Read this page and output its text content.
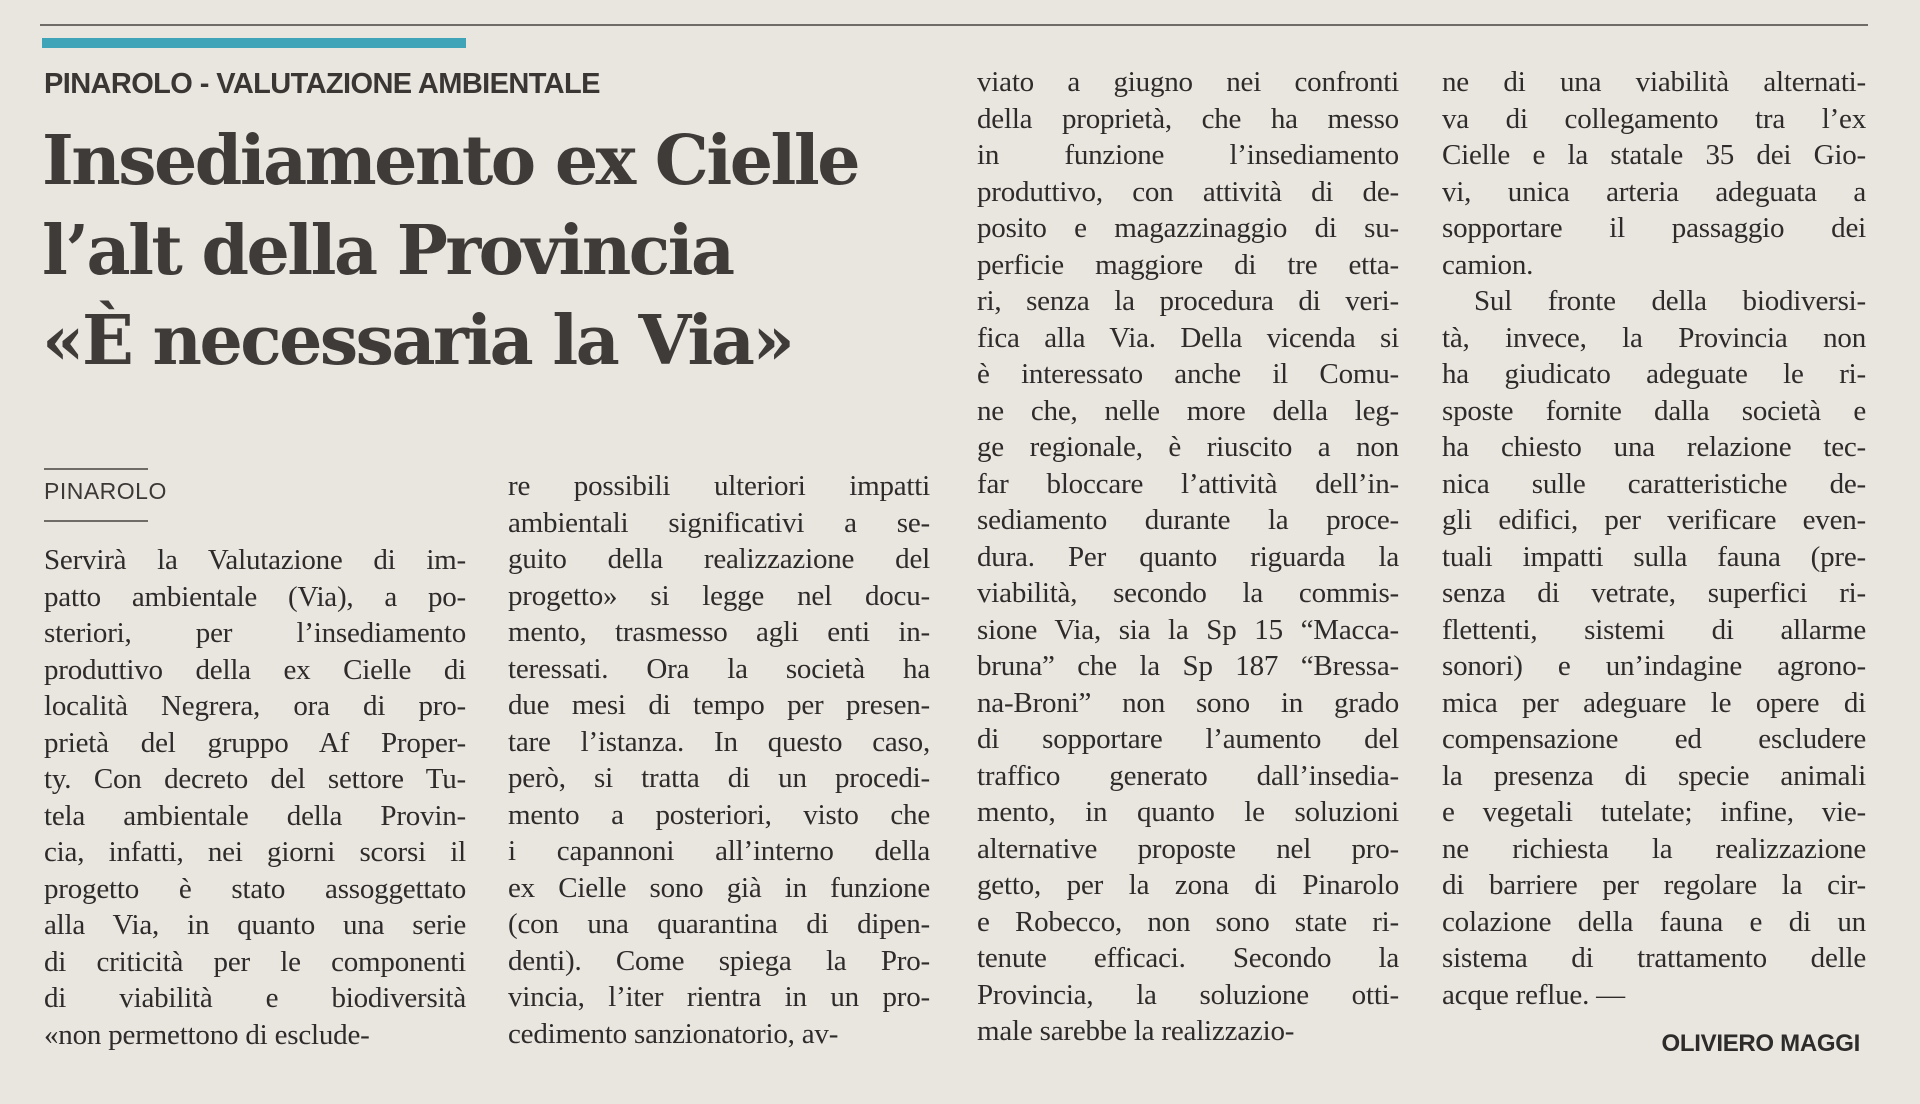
PINAROLO - VALUTAZIONE AMBIENTALE
Insediamento ex Cielle
l’alt della Provincia
«È necessaria la Via»
PINAROLO
Servirà la Valutazione di im-
patto ambientale (Via), a po-
steriori, per l’insediamento
produttivo della ex Cielle di
località Negrera, ora di pro-
prietà del gruppo Af Proper-
ty. Con decreto del settore Tu-
tela ambientale della Provin-
cia, infatti, nei giorni scorsi il
progetto è stato assoggettato
alla Via, in quanto una serie
di criticità per le componenti
di viabilità e biodiversità
«non permettono di esclude-
re possibili ulteriori impatti
ambientali significativi a se-
guito della realizzazione del
progetto» si legge nel docu-
mento, trasmesso agli enti in-
teressati. Ora la società ha
due mesi di tempo per presen-
tare l’istanza. In questo caso,
però, si tratta di un procedi-
mento a posteriori, visto che
i capannoni all’interno della
ex Cielle sono già in funzione
(con una quarantina di dipen-
denti). Come spiega la Pro-
vincia, l’iter rientra in un pro-
cedimento sanzionatorio, av-
viato a giugno nei confronti
della proprietà, che ha messo
in funzione l’insediamento
produttivo, con attività di de-
posito e magazzinaggio di su-
perficie maggiore di tre etta-
ri, senza la procedura di veri-
fica alla Via. Della vicenda si
è interessato anche il Comu-
ne che, nelle more della leg-
ge regionale, è riuscito a non
far bloccare l’attività dell’in-
sediamento durante la proce-
dura. Per quanto riguarda la
viabilità, secondo la commis-
sione Via, sia la Sp 15 “Macca-
bruna” che la Sp 187 “Bressa-
na-Broni” non sono in grado
di sopportare l’aumento del
traffico generato dall’insedia-
mento, in quanto le soluzioni
alternative proposte nel pro-
getto, per la zona di Pinarolo
e Robecco, non sono state ri-
tenute efficaci. Secondo la
Provincia, la soluzione otti-
male sarebbe la realizzazio-
ne di una viabilità alternati-
va di collegamento tra l’ex
Cielle e la statale 35 dei Gio-
vi, unica arteria adeguata a
sopportare il passaggio dei
camion.
Sul fronte della biodiversi-
tà, invece, la Provincia non
ha giudicato adeguate le ri-
sposte fornite dalla società e
ha chiesto una relazione tec-
nica sulle caratteristiche de-
gli edifici, per verificare even-
tuali impatti sulla fauna (pre-
senza di vetrate, superfici ri-
flettenti, sistemi di allarme
sonori) e un’indagine agrono-
mica per adeguare le opere di
compensazione ed escludere
la presenza di specie animali
e vegetali tutelate; infine, vie-
ne richiesta la realizzazione
di barriere per regolare la cir-
colazione della fauna e di un
sistema di trattamento delle
acque reflue. —
OLIVIERO MAGGI
